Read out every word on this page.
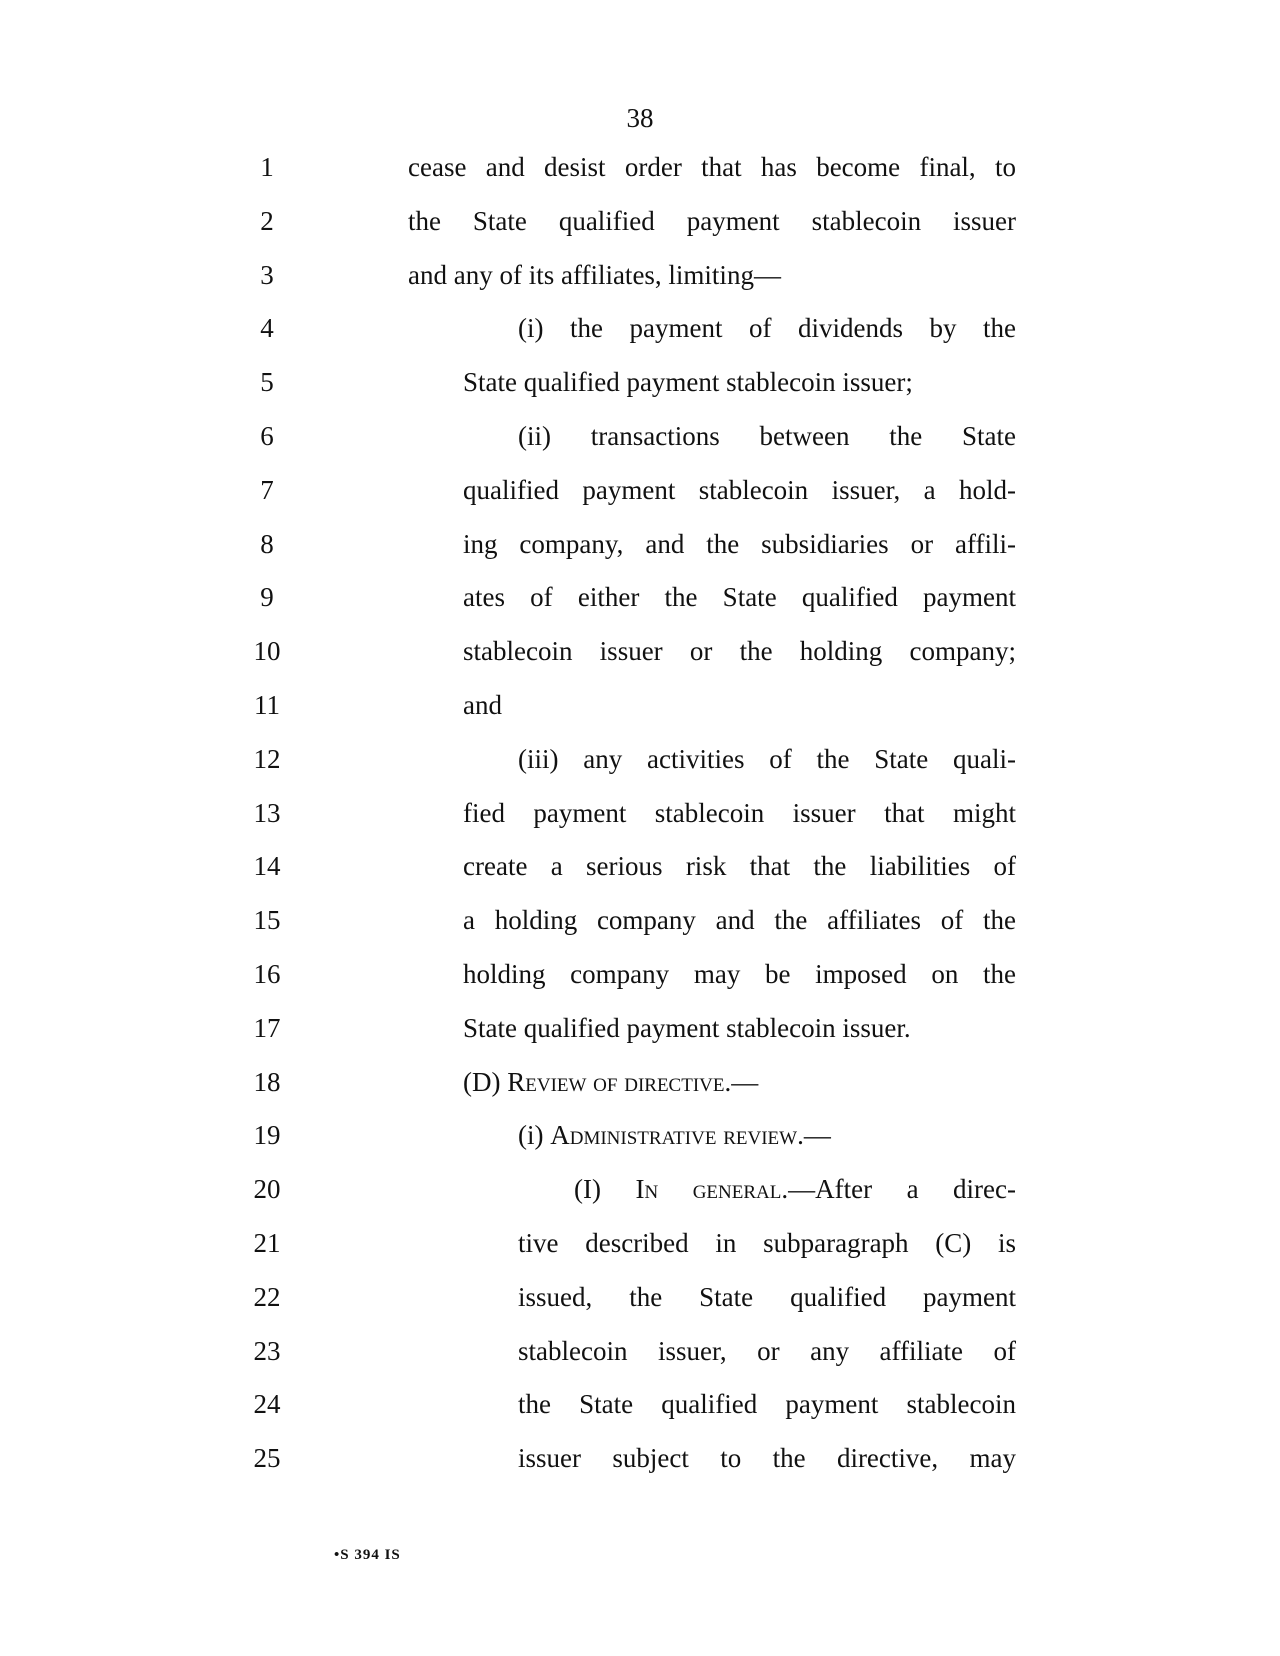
38
1	cease and desist order that has become final, to
2	the State qualified payment stablecoin issuer
3	and any of its affiliates, limiting—
4	(i) the payment of dividends by the
5	State qualified payment stablecoin issuer;
6	(ii) transactions between the State
7	qualified payment stablecoin issuer, a hold-
8	ing company, and the subsidiaries or affili-
9	ates of either the State qualified payment
10	stablecoin issuer or the holding company;
11	and
12	(iii) any activities of the State quali-
13	fied payment stablecoin issuer that might
14	create a serious risk that the liabilities of
15	a holding company and the affiliates of the
16	holding company may be imposed on the
17	State qualified payment stablecoin issuer.
18	(D) Review of directive.—
19	(i) Administrative review.—
20	(I) In general.—After a direc-
21	tive described in subparagraph (C) is
22	issued, the State qualified payment
23	stablecoin issuer, or any affiliate of
24	the State qualified payment stablecoin
25	issuer subject to the directive, may
•S 394 IS
